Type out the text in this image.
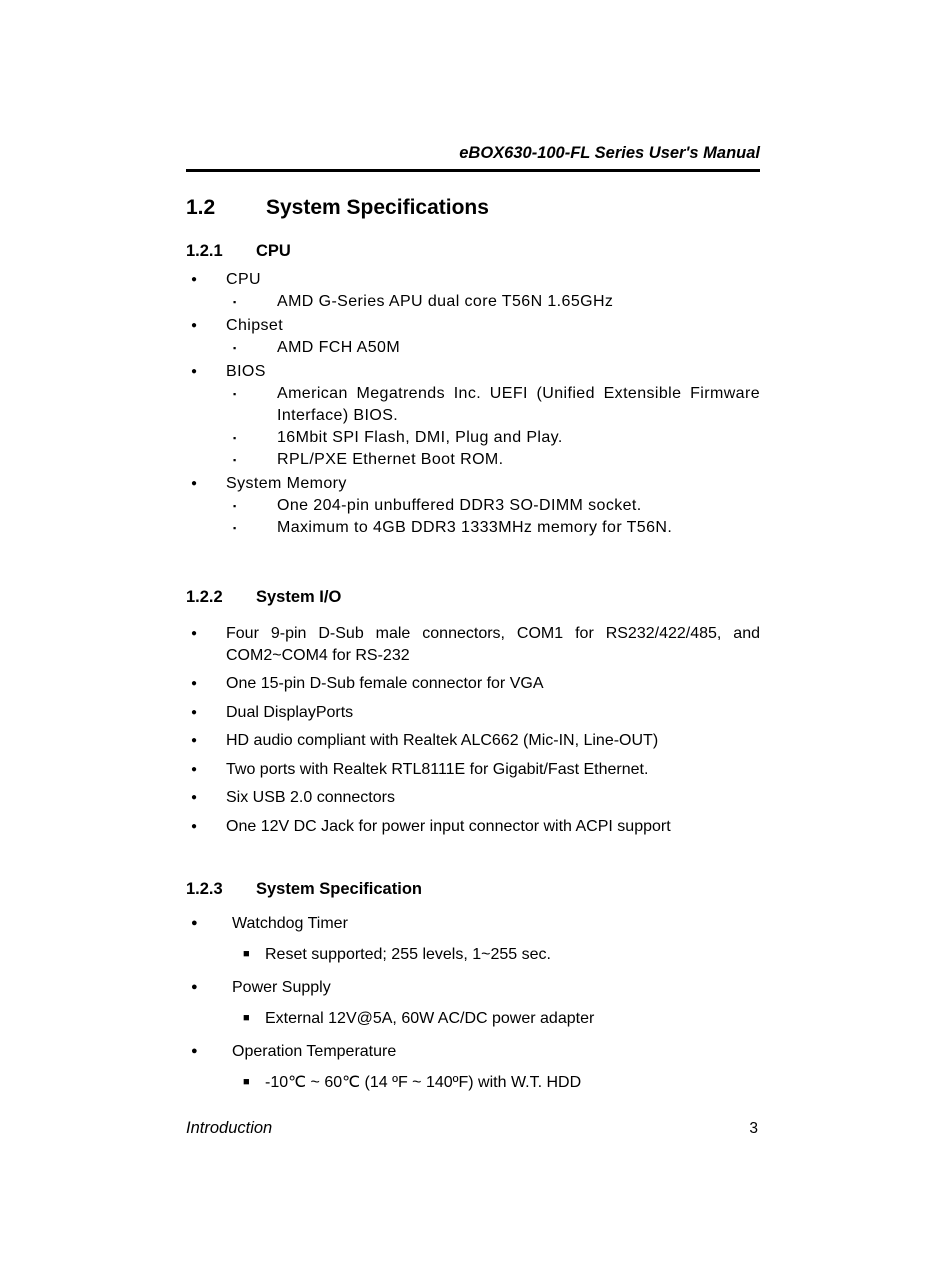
eBOX630-100-FL Series User's Manual
1.2	System Specifications
1.2.1	CPU
● CPU
▪	AMD G-Series APU dual core T56N 1.65GHz
● Chipset
▪	AMD FCH A50M
● BIOS
▪	American Megatrends Inc. UEFI (Unified Extensible Firmware Interface) BIOS.
▪	16Mbit SPI Flash, DMI, Plug and Play.
▪	RPL/PXE Ethernet Boot ROM.
● System Memory
▪	One 204-pin unbuffered DDR3 SO-DIMM socket.
▪	Maximum to 4GB DDR3 1333MHz memory for T56N.
1.2.2	System I/O
● Four 9-pin D-Sub male connectors, COM1 for RS232/422/485, and COM2~COM4 for RS-232
● One 15-pin D-Sub female connector for VGA
● Dual DisplayPorts
● HD audio compliant with Realtek ALC662 (Mic-IN, Line-OUT)
● Two ports with Realtek RTL8111E for Gigabit/Fast Ethernet.
● Six USB 2.0 connectors
● One 12V DC Jack for power input connector with ACPI support
1.2.3	System Specification
● Watchdog Timer
■ Reset supported; 255 levels, 1~255 sec.
● Power Supply
■ External 12V@5A, 60W AC/DC power adapter
● Operation Temperature
■ -10℃ ~ 60℃ (14 ºF ~ 140ºF) with W.T. HDD
Introduction	3
